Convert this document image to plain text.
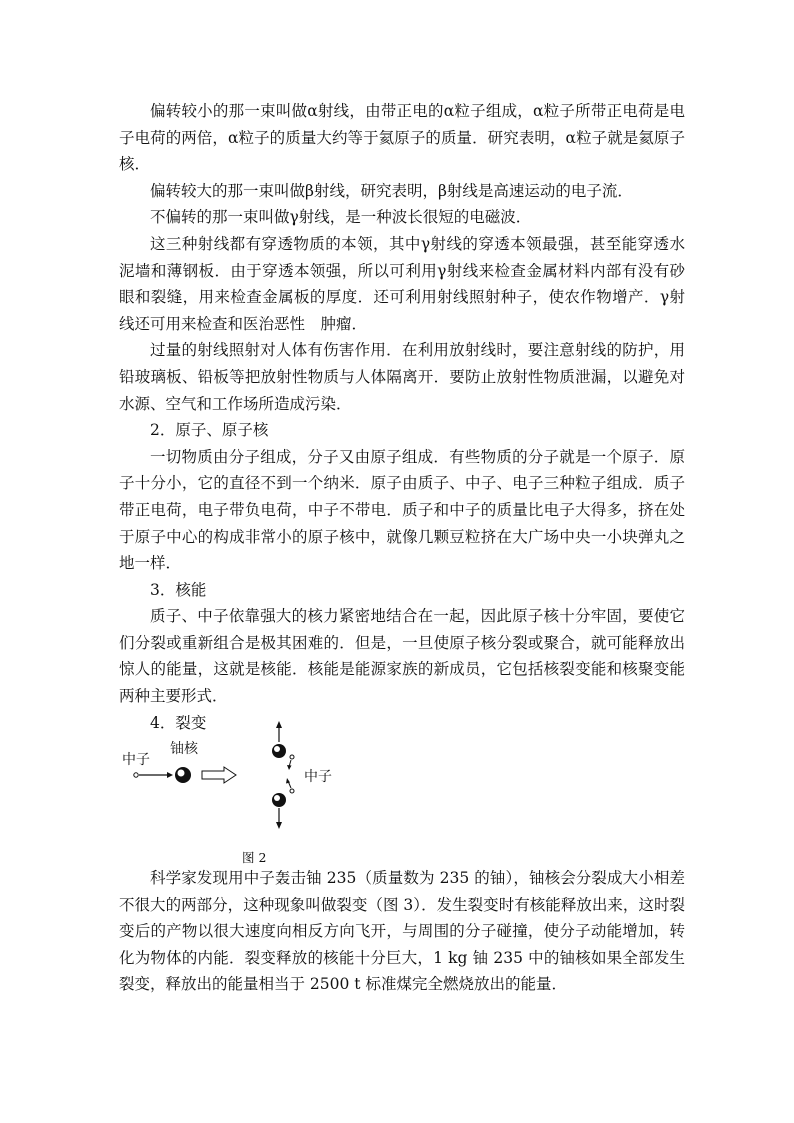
偏转较小的那一束叫做α射线，由带正电的α粒子组成，α粒子所带正电荷是电子电荷的两倍，α粒子的质量大约等于氦原子的质量．研究表明，α粒子就是氦原子核．

偏转较大的那一束叫做β射线，研究表明，β射线是高速运动的电子流．

不偏转的那一束叫做γ射线，是一种波长很短的电磁波．

这三种射线都有穿透物质的本领，其中γ射线的穿透本领最强，甚至能穿透水泥墙和薄钢板．由于穿透本领强，所以可利用γ射线来检查金属材料内部有没有砂眼和裂缝，用来检查金属板的厚度．还可利用射线照射种子，使农作物增产．γ射线还可用来检查和医治恶性　肿瘤．

过量的射线照射对人体有伤害作用．在利用放射线时，要注意射线的防护，用铅玻璃板、铅板等把放射性物质与人体隔离开．要防止放射性物质泄漏，以避免对水源、空气和工作场所造成污染．

2．原子、原子核

一切物质由分子组成，分子又由原子组成．有些物质的分子就是一个原子．原子十分小，它的直径不到一个纳米．原子由质子、中子、电子三种粒子组成．质子带正电荷，电子带负电荷，中子不带电．质子和中子的质量比电子大得多，挤在处于原子中心的构成非常小的原子核中，就像几颗豆粒挤在大广场中央一小块弹丸之地一样．

3．核能

质子、中子依靠强大的核力紧密地结合在一起，因此原子核十分牢固，要使它们分裂或重新组合是极其困难的．但是，一旦使原子核分裂或聚合，就可能释放出惊人的能量，这就是核能．核能是能源家族的新成员，它包括核裂变能和核聚变能两种主要形式．

4．裂变

中子
铀核
中子
图 2

科学家发现用中子轰击铀 235（质量数为 235 的铀），铀核会分裂成大小相差不很大的两部分，这种现象叫做裂变（图 3）．发生裂变时有核能释放出来，这时裂变后的产物以很大速度向相反方向飞开，与周围的分子碰撞，使分子动能增加，转化为物体的内能．裂变释放的核能十分巨大，1 kg 铀 235 中的铀核如果全部发生裂变，释放出的能量相当于 2500 t 标准煤完全燃烧放出的能量．
